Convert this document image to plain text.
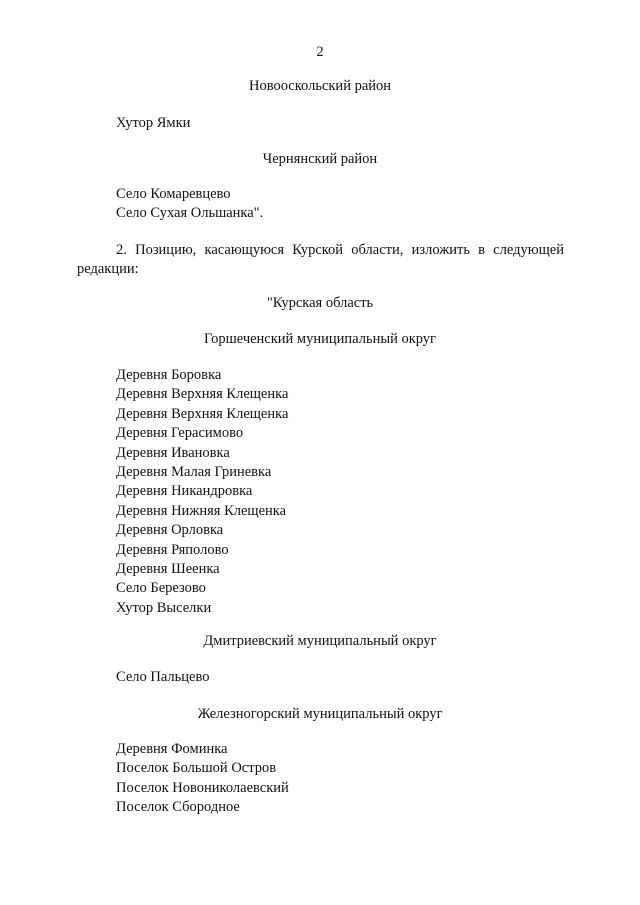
2
Новооскольский район
Хутор Ямки
Чернянский район
Село Комаревцево
Село Сухая Ольшанка".
2. Позицию, касающуюся Курской области, изложить в следующей
редакции:
"Курская область
Горшеченский муниципальный округ
Деревня Боровка
Деревня Верхняя Клещенка
Деревня Верхняя Клещенка
Деревня Герасимово
Деревня Ивановка
Деревня Малая Гриневка
Деревня Никандровка
Деревня Нижняя Клещенка
Деревня Орловка
Деревня Ряполово
Деревня Шеенка
Село Березово
Хутор Выселки
Дмитриевский муниципальный округ
Село Пальцево
Железногорский муниципальный округ
Деревня Фоминка
Поселок Большой Остров
Поселок Новониколаевский
Поселок Сбородное
